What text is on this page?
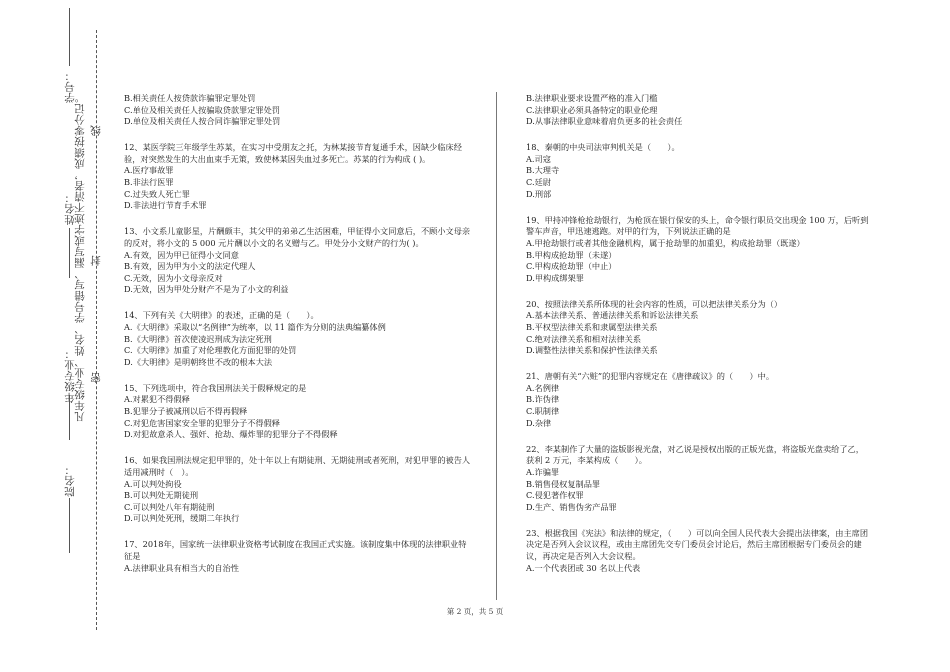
学号：
凡年级专业、姓名、学号错写、漏写或字迹不清者，成绩按零分记。 线
姓名：
封
年级专业： 密
院名：

B.相关责任人按贷款诈骗罪定罪处罚

C.单位及相关责任人按骗取贷款罪定罪处罚

D.单位及相关责任人按合同诈骗罪定罪处罚

12、某医学院三年级学生苏某，在实习中受朋友之托，为林某接节育复通手术，因缺少临床经验，对突然发生的大出血束手无策，致使林某因失血过多死亡。苏某的行为构成 ( )。

A.医疗事故罪

B.非法行医罪

C.过失致人死亡罪

D.非法进行节育手术罪

13、小文系儿童影星，片酬颇丰，其父甲的弟弟乙生活困难，甲征得小文同意后，不顾小文母亲的反对，将小文的 5 000 元片酬以小文的名义赠与乙。甲处分小文财产的行为( )。

A.有效，因为甲已征得小文同意

B.有效，因为甲为小文的法定代理人

C.无效，因为小文母亲反对

D.无效，因为甲处分财产不是为了小文的利益

14、下列有关《大明律》的表述，正确的是（　　）。

A.《大明律》采取以“名例律”为统率，以 11 篇作为分则的法典编纂体例

B.《大明律》首次使凌迟刑成为法定死刑

C.《大明律》加重了对伦理教化方面犯罪的处罚

D.《大明律》是明朝终世不改的根本大法

15、下列选项中，符合我国刑法关于假释规定的是

A.对累犯不得假释

B.犯罪分子被减刑以后不得再假释

C.对犯危害国家安全罪的犯罪分子不得假释

D.对犯故意杀人、强奸、抢劫、爆炸罪的犯罪分子不得假释

16、如果我国刑法规定犯甲罪的，处十年以上有期徒刑、无期徒刑或者死刑，对犯甲罪的被告人适用减刑时（　）。

A.可以判处拘役

B.可以判处无期徒刑

C.可以判处八年有期徒刑

D.可以判处死刑，缓期二年执行

17、2018年，国家统一法律职业资格考试制度在我国正式实施。该制度集中体现的法律职业特征是

A.法律职业具有相当大的自治性

B.法律职业要求设置严格的准入门槛

C.法律职业必须具备特定的职业伦理

D.从事法律职业意味着肩负更多的社会责任

18、秦朝的中央司法审判机关是（　　）。

A.司寇

B.大理寺

C.廷尉

D.刑部

19、甲持冲锋枪抢劫银行，为枪顶在银行保安的头上，命令银行职员交出现金 100 万，后听到警车声音，甲迅速逃跑。对甲的行为，下列说法正确的是

A.甲抢劫银行或者其他金融机构，属于抢劫罪的加重犯，构成抢劫罪（既遂）

B.甲构成抢劫罪（未遂）

C.甲构成抢劫罪（中止）

D.甲构成绑架罪

20、按照法律关系所体现的社会内容的性质，可以把法律关系分为（）

A.基本法律关系、普通法律关系和诉讼法律关系

B.平权型法律关系和隶属型法律关系

C.绝对法律关系和相对法律关系

D.调整性法律关系和保护性法律关系

21、唐朝有关“六赃”的犯罪内容规定在《唐律疏议》的（　　）中。

A.名例律

B.诈伪律

C.职制律

D.杂律

22、李某制作了大量的盗版影视光盘，对乙说是授权出版的正版光盘，将盗版光盘卖给了乙，获利 2 万元，李某构成（　　）。

A.诈骗罪

B.销售侵权复制品罪

C.侵犯著作权罪

D.生产、销售伪劣产品罪

23、根据我国《宪法》和法律的规定，（　　）可以向全国人民代表大会提出法律案，由主席团决定是否列入会议议程，或由主席团先交专门委员会讨论后，然后主席团根据专门委员会的建议，再决定是否列入大会议程。

A.一个代表团或 30 名以上代表

第 2 页，共 5 页
